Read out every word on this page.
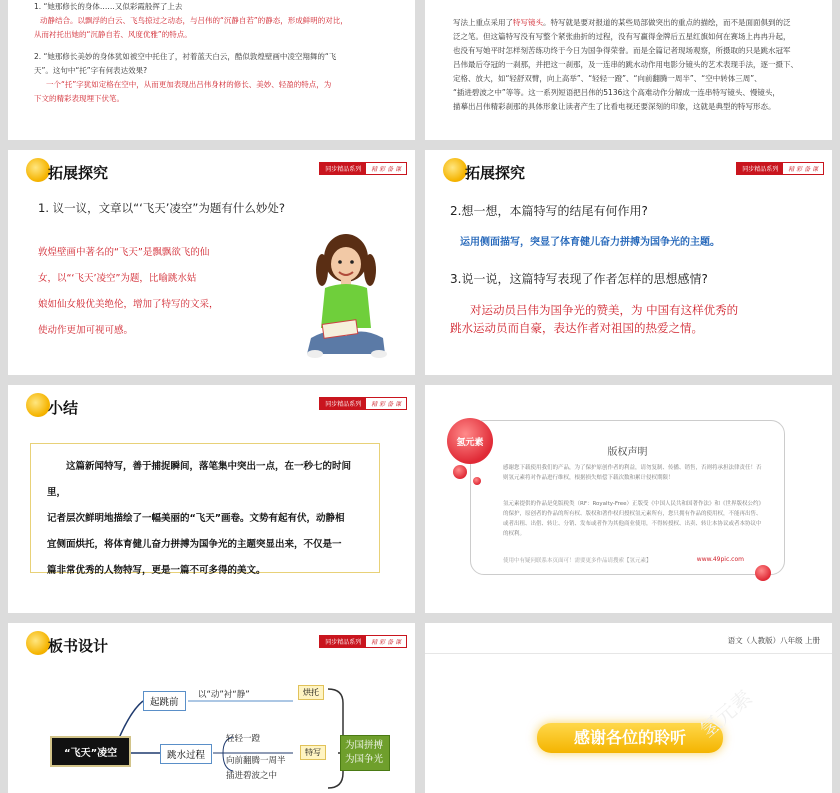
1. “她那修长的身体……又似彩霞般挥了上去
动静结合。以飘浮的白云、飞鸟掠过之动态，与吕伟的“沉静自若”的静态，形成鲜明的对比，
从而衬托出她的“沉静自若、风度优雅”的特点。
2. “她那修长美妙的身体犹如被空中托住了，衬着蓝天白云，酷似敦煌壁画中凌空翔舞的“飞
天”。这句中“托”字有何表达效果?
一个“托”字犹如定格在空中，从而更加表现出吕伟身材的修长、美妙、轻盈的特点，为
下文的精彩表现埋下伏笔。
写法上重点采用了特写镜头。特写就是要对报道的某些局部做突出的重点的描绘，而不是面面俱到的泛
泛之笔。但这篇特写没有写整个紧张曲折的过程，没有写赢得金牌后五星红旗如何在赛场上冉冉升起，
也没有写她平时怎样刻苦练功终于今日为国争得荣誉。而是全篇记者现场观察，所摄取的只是跳水冠军
吕伟最后夺冠的一刹那，并把这一刹那，及一连串的跳水动作用电影分镜头的艺术表现手法，逐一摄下、
定格、放大，如“轻舒双臂，向上高举”、“轻轻一蹬”、“向前翻腾一周半”、“空中转体三周”、
“插进碧波之中”等等。这一系列短语把吕伟的5136这个高难动作分解成一连串特写镜头、慢镜头，
描摹出吕伟精彩刹那的具体形象让读者产生了比看电视还要深刻的印象，这就是典型的特写形态。
拓展探究	同步精品系列	精 彩 备 课
1. 议一议，文章以“‘飞天’凌空”为题有什么妙处?
敦煌壁画中著名的“飞天”是飘飘欲飞的仙
女，以“‘飞天’凌空”为题，比喻跳水姑
娘如仙女般优美绝伦，增加了特写的文采，
使动作更加可视可感。
拓展探究	同步精品系列	精 彩 备 课
2.想一想，本篇特写的结尾有何作用?
运用侧面描写，突显了体育健儿奋力拼搏为国争光的主题。
3.说一说，这篇特写表现了作者怎样的思想感情?
对运动员吕伟为国争光的赞美，为 中国有这样优秀的
跳水运动员而自豪，表达作者对祖国的热爱之情。
小结	同步精品系列	精 彩 备 课
这篇新闻特写，善于捕捉瞬间，落笔集中突出一点，在一秒七的时间里，
记者层次鲜明地描绘了一幅美丽的“飞天”画卷。文势有起有伏，动静相
宜侧面烘托，将体育健儿奋力拼搏为国争光的主题突显出来，不仅是一
篇非常优秀的人物特写，更是一篇不可多得的美文。
版权声明
感谢您下载使用我们的产品，为了保护原创作者的利益，请勿复制、传播、销售，否则将承担法律责任！否则氢元素将对作品进行维权，根据损失赔偿下载次数和累计侵权期限！
氢元素提供的作品是免版税类（RF：Royalty-Free）正版受《中国人民共和国著作法》和《世界版权公约》的保护，原创者的作品的所有权、版权和著作权归授权氢元素所有，您只拥有作品的使用权，不能再出售、或者出租、出借、转让、分销、发布或者作为其他商业使用，不得转授权、出卖、转让本协议或者本协议中的权利。
使用中有疑问联系本页面可！需要更多作品请搜索【氢元素】	www.49pic.com
氢元素
板书设计	同步精品系列	精 彩 备 课
“飞天”凌空
起跳前
以“动”衬“静”	烘托
跳水过程
轻轻一蹬
向前翻腾一周半
插进碧波之中
特写
为国拼搏为国争光
语文（人教版）八年级 上册
感谢各位的聆听 氢元素
